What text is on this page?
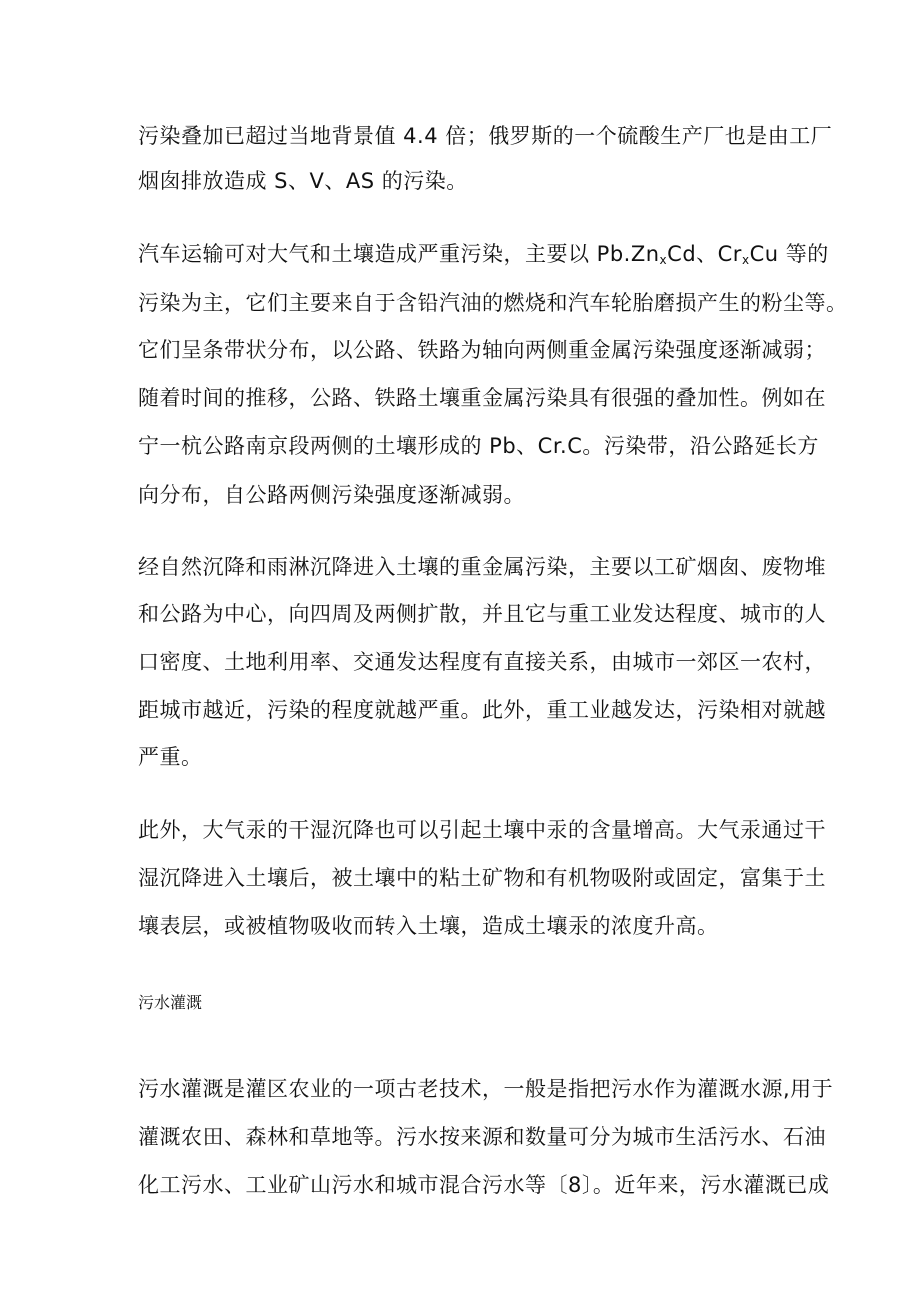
污染叠加已超过当地背景值 4.4 倍；俄罗斯的一个硫酸生产厂也是由工厂
烟囱排放造成 S、V、AS 的污染。
汽车运输可对大气和土壤造成严重污染，主要以 $Pb.Zn_xCd$、$Cr_xCu$ 等的
污染为主，它们主要来自于含铅汽油的燃烧和汽车轮胎磨损产生的粉尘等。
它们呈条带状分布，以公路、铁路为轴向两侧重金属污染强度逐渐减弱；
随着时间的推移，公路、铁路土壤重金属污染具有很强的叠加性。例如在
宁一杭公路南京段两侧的土壤形成的 Pb、Cr.C。污染带，沿公路延长方
向分布，自公路两侧污染强度逐渐减弱。
经自然沉降和雨淋沉降进入土壤的重金属污染，主要以工矿烟囱、废物堆
和公路为中心，向四周及两侧扩散，并且它与重工业发达程度、城市的人
口密度、土地利用率、交通发达程度有直接关系，由城市一郊区一农村，
距城市越近，污染的程度就越严重。此外，重工业越发达，污染相对就越
严重。
此外，大气汞的干湿沉降也可以引起土壤中汞的含量增高。大气汞通过干
湿沉降进入土壤后，被土壤中的粘土矿物和有机物吸附或固定，富集于土
壤表层，或被植物吸收而转入土壤，造成土壤汞的浓度升高。
污水灌溉
污水灌溉是灌区农业的一项古老技术，一般是指把污水作为灌溉水源,用于
灌溉农田、森林和草地等。污水按来源和数量可分为城市生活污水、石油
化工污水、工业矿山污水和城市混合污水等〔8〕。近年来，污水灌溉已成
